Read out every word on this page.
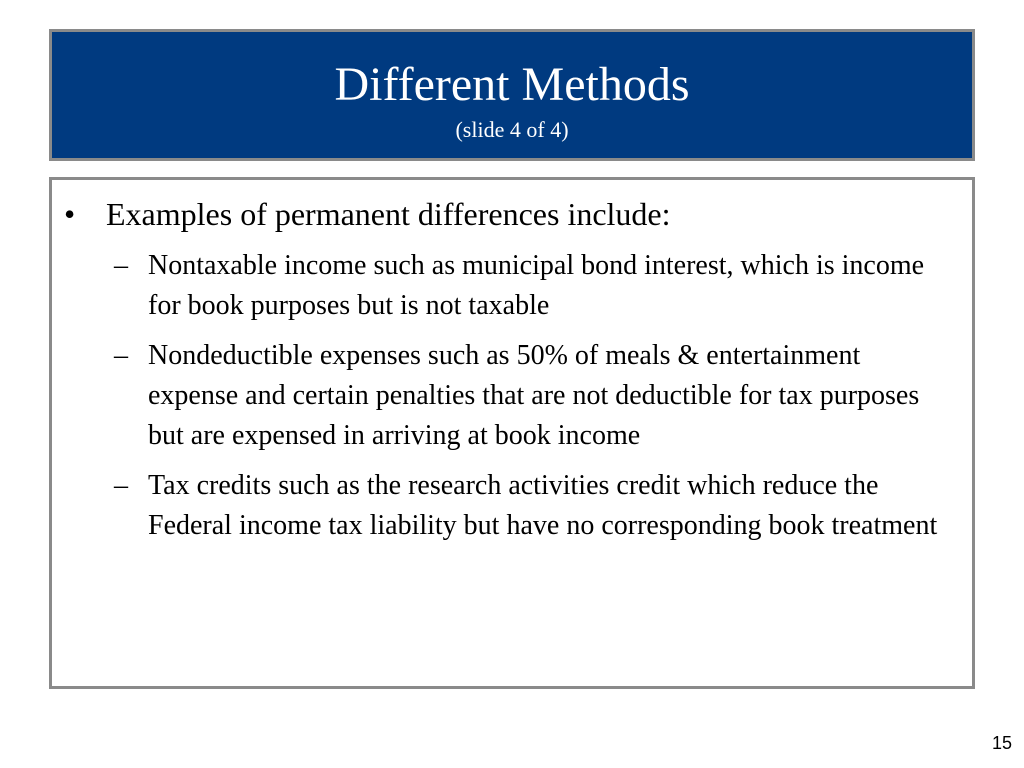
Different Methods
(slide 4 of 4)
• Examples of permanent differences include:
– Nontaxable income such as municipal bond interest, which is income for book purposes but is not taxable
– Nondeductible expenses such as 50% of meals & entertainment expense and certain penalties that are not deductible for tax purposes but are expensed in arriving at book income
– Tax credits such as the research activities credit which reduce the Federal income tax liability but have no corresponding book treatment
15
